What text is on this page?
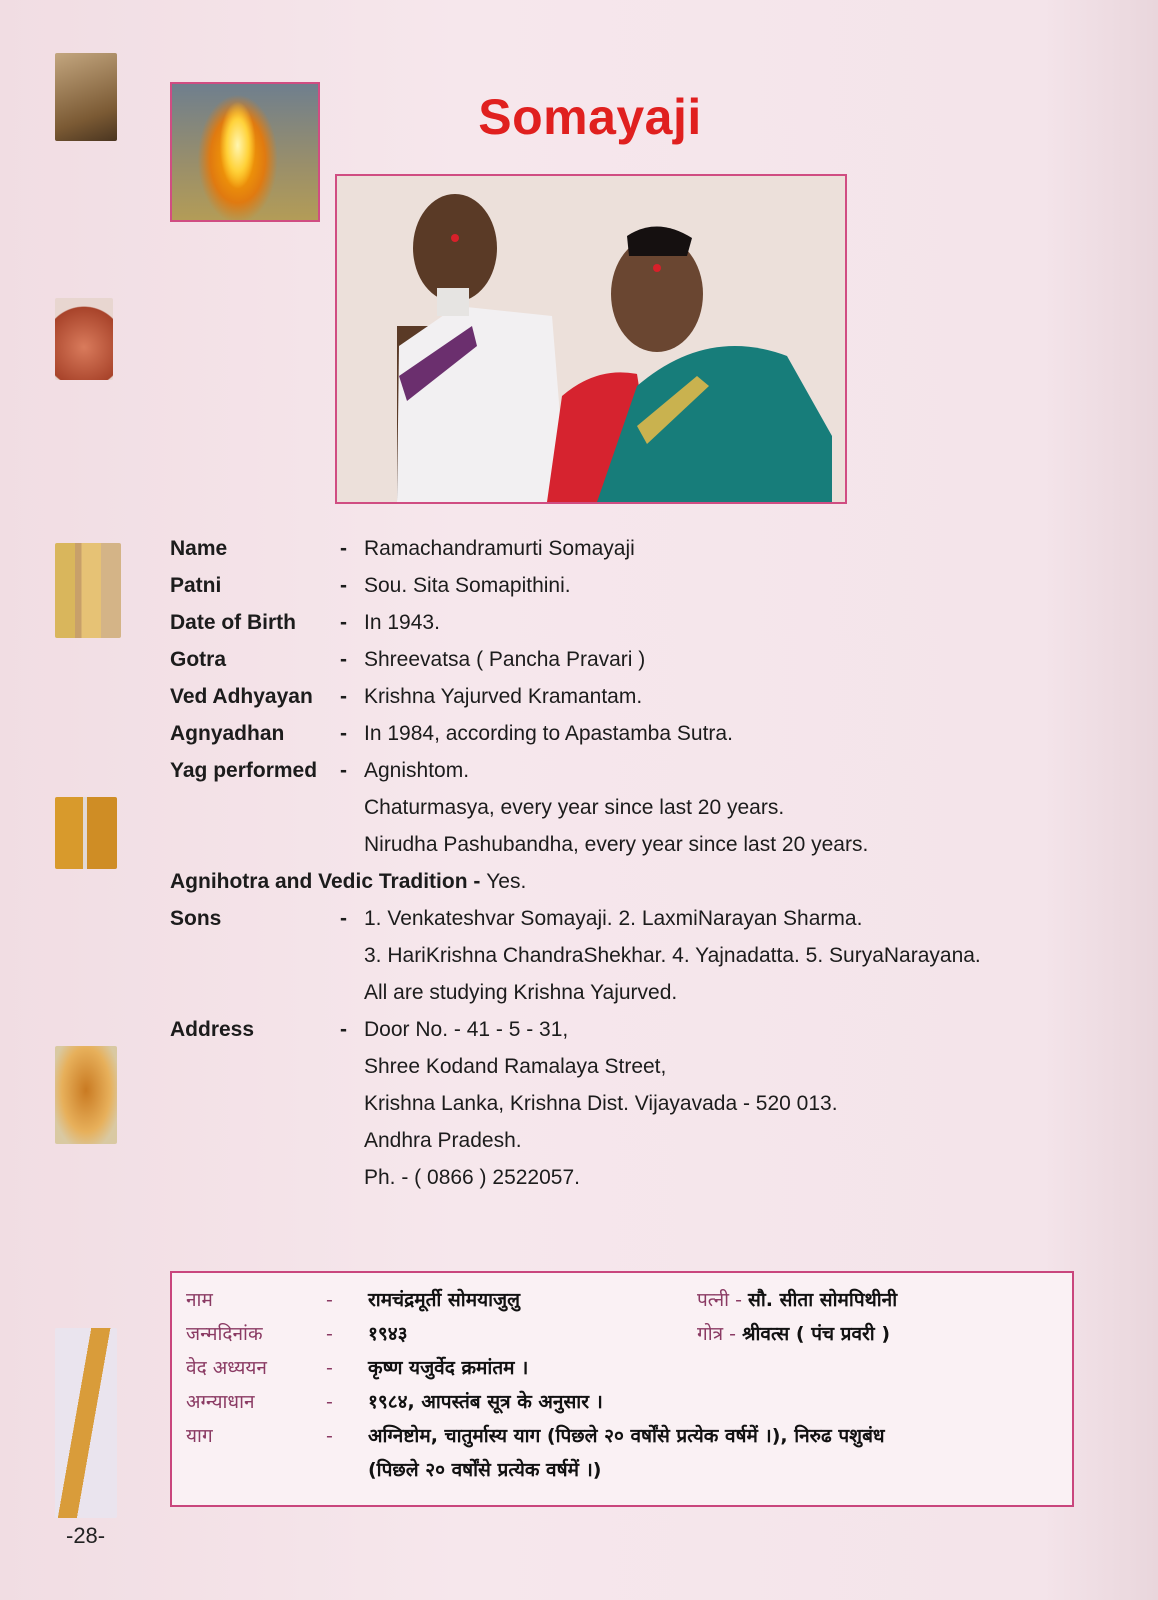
Somayaji
Name	- Ramachandramurti Somayaji
Patni	- Sou. Sita Somapithini.
Date of Birth	- In 1943.
Gotra	- Shreevatsa ( Pancha Pravari )
Ved Adhyayan	- Krishna Yajurved Kramantam.
Agnyadhan	- In 1984, according to Apastamba Sutra.
Yag performed	- Agnishtom.
Chaturmasya, every year since last 20 years.
Nirudha Pashubandha, every year since last 20 years.
Agnihotra and Vedic Tradition - Yes.
Sons	- 1. Venkateshvar Somayaji. 2. LaxmiNarayan Sharma.
3. HariKrishna ChandraShekhar. 4. Yajnadatta. 5. SuryaNarayana.
All are studying Krishna Yajurved.
Address	- Door No. - 41 - 5 - 31,
Shree Kodand Ramalaya Street,
Krishna Lanka, Krishna Dist. Vijayavada - 520 013.
Andhra Pradesh.
Ph. - ( 0866 ) 2522057.
नाम	-	रामचंद्रमूर्ती सोमयाजुलु	पत्नी - सौ. सीता सोमपिथीनी
जन्मदिनांक	-	१९४३	गोत्र - श्रीवत्स ( पंच प्रवरी )
वेद अध्ययन	-	कृष्ण यजुर्वेद क्रमांतम ।
अग्न्याधान	-	१९८४, आपस्तंब सूत्र के अनुसार ।
याग	-	अग्निष्टोम, चातुर्मास्य याग (पिछले २० वर्षोंसे प्रत्येक वर्षमें ।), निरुढ पशुबंध
(पिछले २० वर्षोंसे प्रत्येक वर्षमें ।)
-28-
